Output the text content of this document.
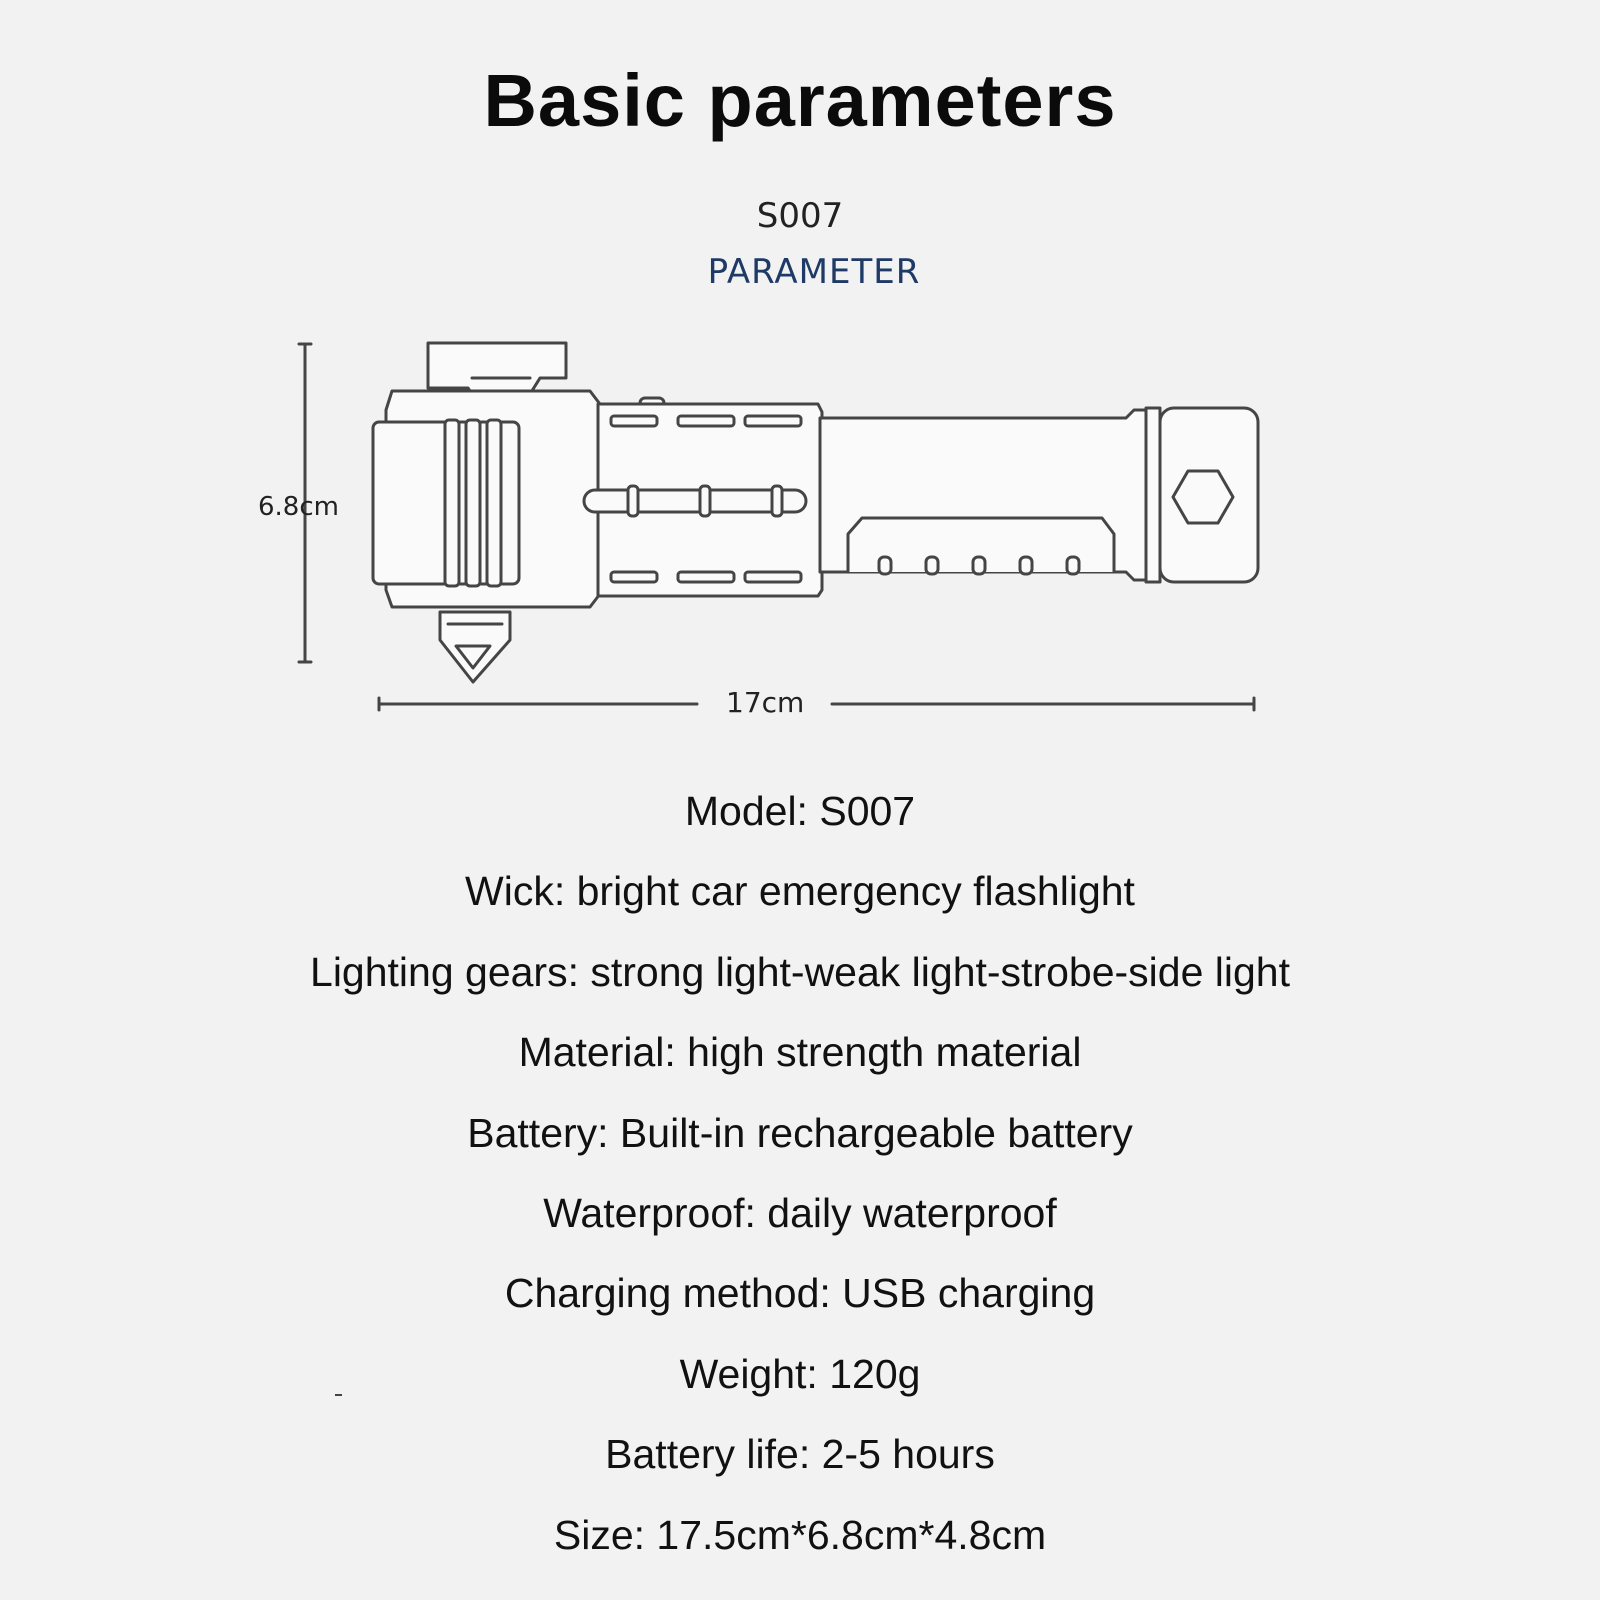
Basic parameters
S007
PARAMETER
6.8cm
17cm
Model: S007
Wick: bright car emergency flashlight
Lighting gears: strong light-weak light-strobe-side light
Material: high strength material
Battery: Built-in rechargeable battery
Waterproof: daily waterproof
Charging method: USB charging
Weight: 120g
Battery life: 2-5 hours
Size: 17.5cm*6.8cm*4.8cm
